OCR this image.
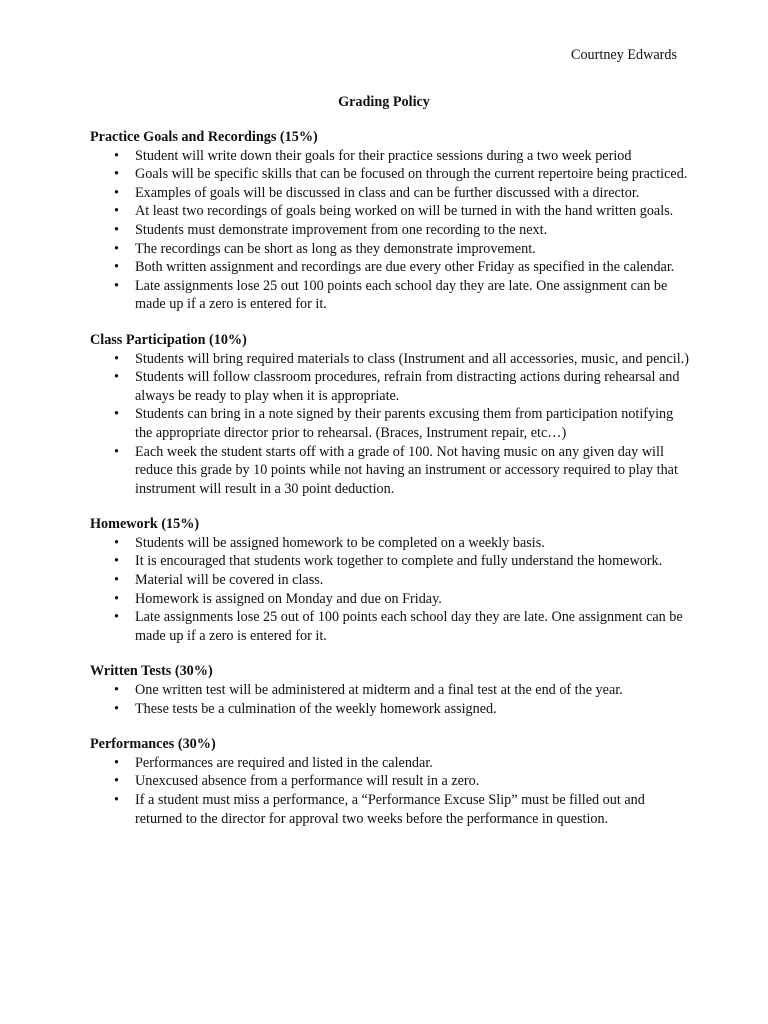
Courtney Edwards
Grading Policy
Practice Goals and Recordings (15%)
• Student will write down their goals for their practice sessions during a two week period
• Goals will be specific skills that can be focused on through the current repertoire being practiced.
• Examples of goals will be discussed in class and can be further discussed with a director.
• At least two recordings of goals being worked on will be turned in with the hand written goals.
• Students must demonstrate improvement from one recording to the next.
• The recordings can be short as long as they demonstrate improvement.
• Both written assignment and recordings are due every other Friday as specified in the calendar.
• Late assignments lose 25 out 100 points each school day they are late. One assignment can be made up if a zero is entered for it.
Class Participation (10%)
• Students will bring required materials to class (Instrument and all accessories, music, and pencil.)
• Students will follow classroom procedures, refrain from distracting actions during rehearsal and always be ready to play when it is appropriate.
• Students can bring in a note signed by their parents excusing them from participation notifying the appropriate director prior to rehearsal. (Braces, Instrument repair, etc…)
• Each week the student starts off with a grade of 100. Not having music on any given day will reduce this grade by 10 points while not having an instrument or accessory required to play that instrument will result in a 30 point deduction.
Homework (15%)
• Students will be assigned homework to be completed on a weekly basis.
• It is encouraged that students work together to complete and fully understand the homework.
• Material will be covered in class.
• Homework is assigned on Monday and due on Friday.
• Late assignments lose 25 out of 100 points each school day they are late. One assignment can be made up if a zero is entered for it.
Written Tests (30%)
• One written test will be administered at midterm and a final test at the end of the year.
• These tests be a culmination of the weekly homework assigned.
Performances (30%)
• Performances are required and listed in the calendar.
• Unexcused absence from a performance will result in a zero.
• If a student must miss a performance, a “Performance Excuse Slip” must be filled out and returned to the director for approval two weeks before the performance in question.
